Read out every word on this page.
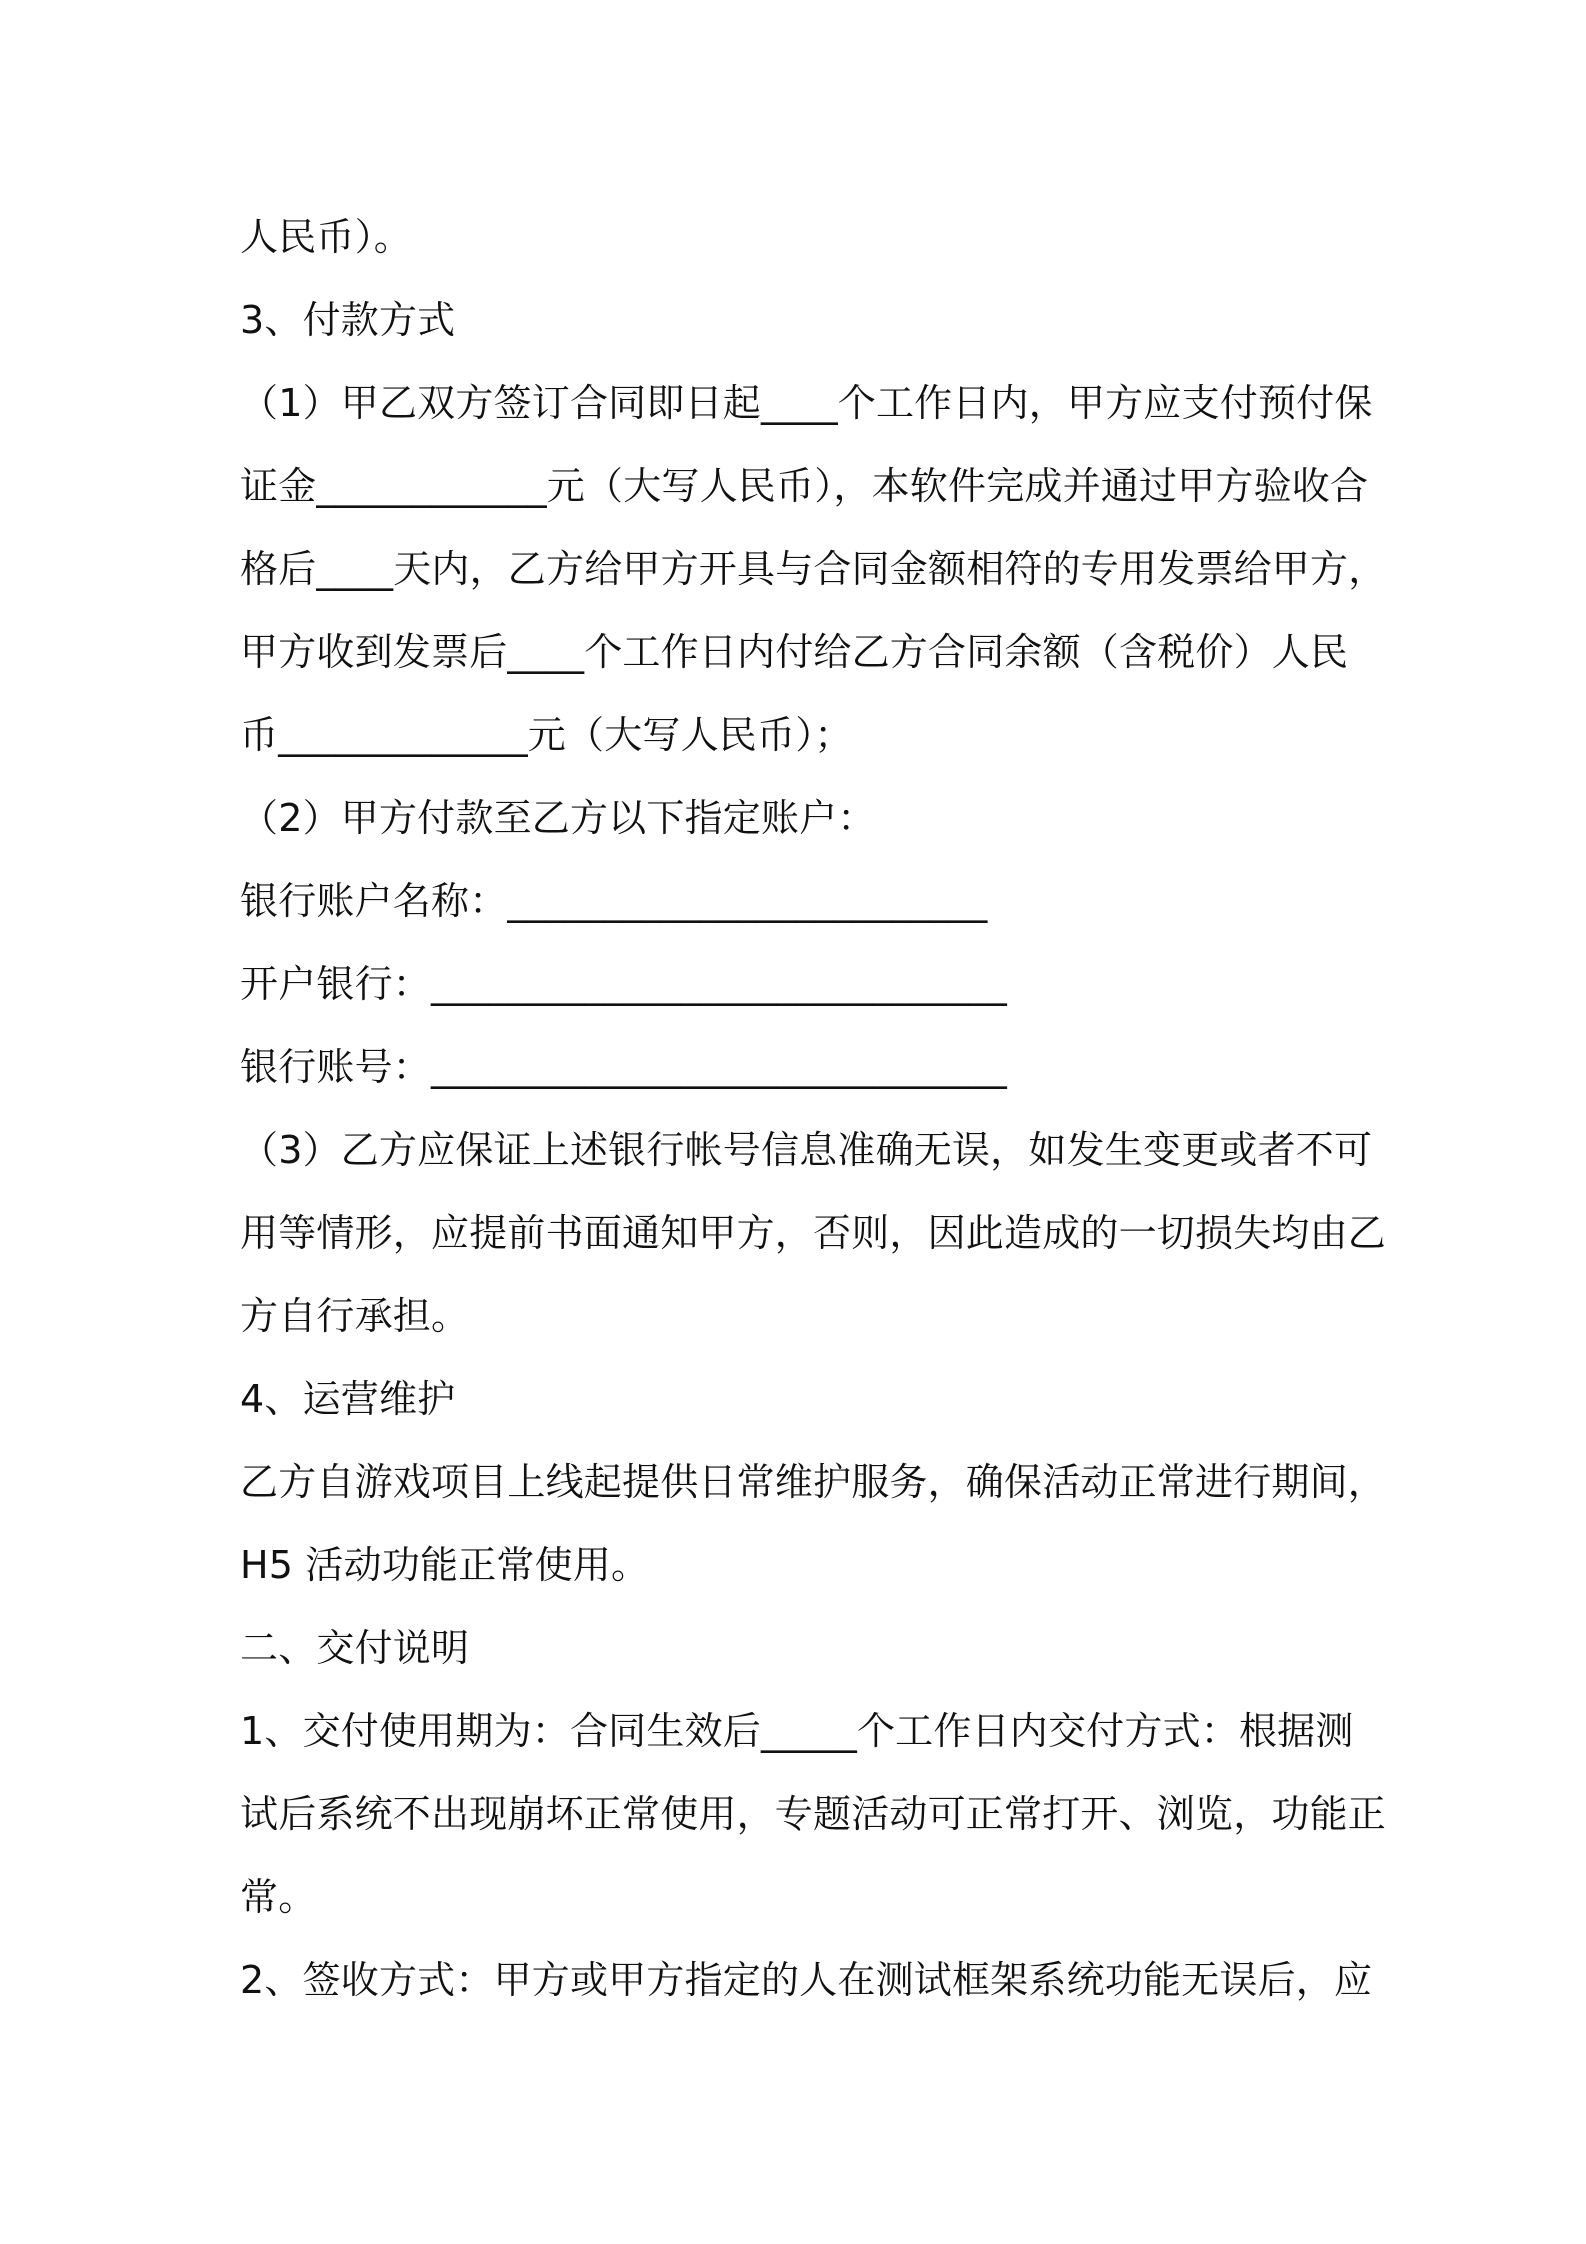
人民币）。
3、付款方式
（1）甲乙双方签订合同即日起____个工作日内，甲方应支付预付保
证金____________元（大写人民币），本软件完成并通过甲方验收合
格后____天内，乙方给甲方开具与合同金额相符的专用发票给甲方，
甲方收到发票后____个工作日内付给乙方合同余额（含税价）人民
币_____________元（大写人民币）；
（2）甲方付款至乙方以下指定账户：
银行账户名称：_________________________
开户银行：______________________________
银行账号：______________________________
（3）乙方应保证上述银行帐号信息准确无误，如发生变更或者不可
用等情形，应提前书面通知甲方，否则，因此造成的一切损失均由乙
方自行承担。
4、运营维护
乙方自游戏项目上线起提供日常维护服务，确保活动正常进行期间，
H5 活动功能正常使用。
二、交付说明
1、交付使用期为：合同生效后_____个工作日内交付方式：根据测
试后系统不出现崩坏正常使用，专题活动可正常打开、浏览，功能正
常。
2、签收方式：甲方或甲方指定的人在测试框架系统功能无误后，应
